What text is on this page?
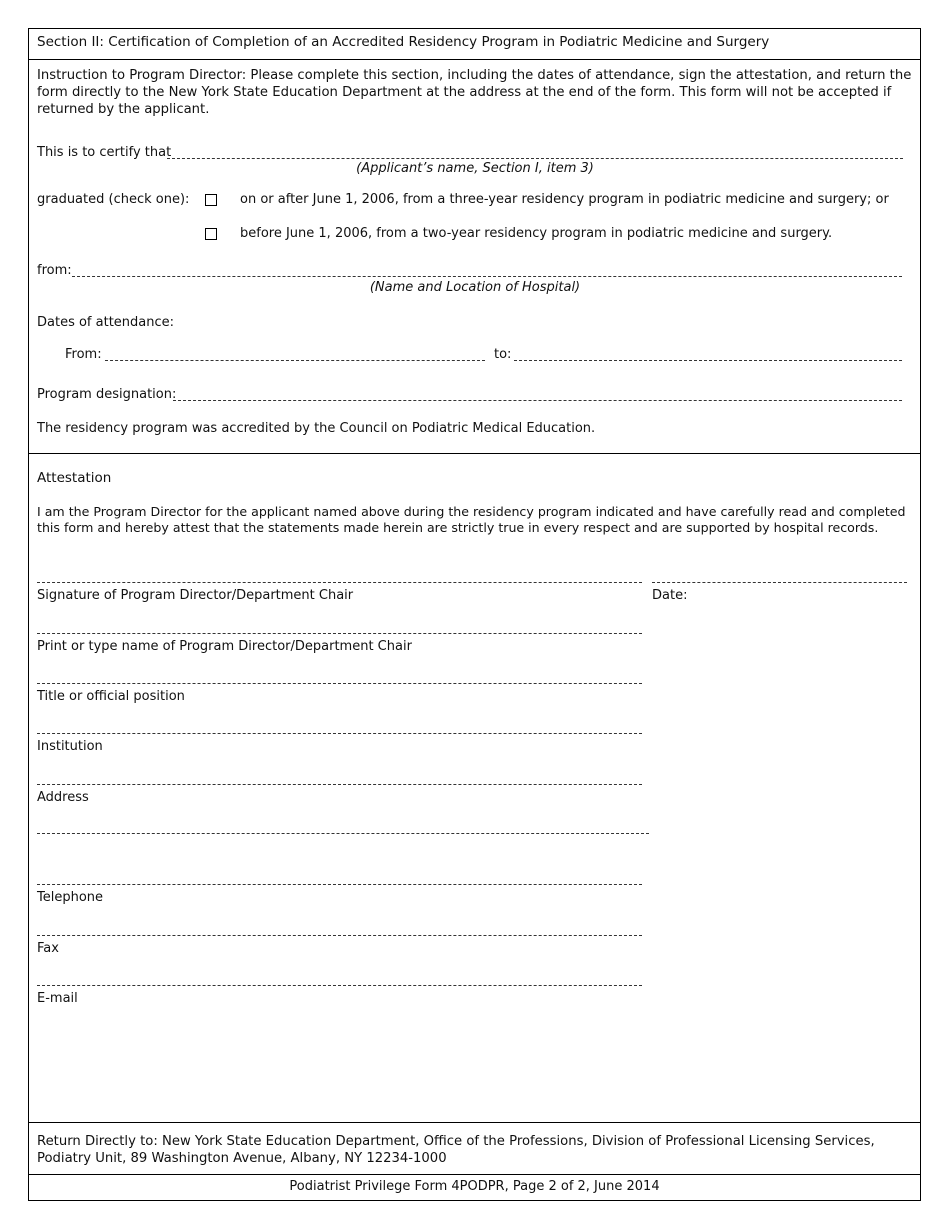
Section II: Certification of Completion of an Accredited Residency Program in Podiatric Medicine and Surgery
Instruction to Program Director: Please complete this section, including the dates of attendance, sign the attestation, and return the form directly to the New York State Education Department at the address at the end of the form. This form will not be accepted if returned by the applicant.
This is to certify that
(Applicant’s name, Section I, item 3)
graduated (check one):	on or after June 1, 2006, from a three-year residency program in podiatric medicine and surgery; or
before June 1, 2006, from a two-year residency program in podiatric medicine and surgery.
from:
(Name and Location of Hospital)
Dates of attendance:
From:	to:
Program designation:
The residency program was accredited by the Council on Podiatric Medical Education.
Attestation
I am the Program Director for the applicant named above during the residency program indicated and have carefully read and completed this form and hereby attest that the statements made herein are strictly true in every respect and are supported by hospital records.
Signature of Program Director/Department Chair	Date:
Print or type name of Program Director/Department Chair
Title or official position
Institution
Address
Telephone
Fax
E-mail
Return Directly to: New York State Education Department, Office of the Professions, Division of Professional Licensing Services, Podiatry Unit, 89 Washington Avenue, Albany, NY 12234-1000
Podiatrist Privilege Form 4PODPR, Page 2 of 2, June 2014
